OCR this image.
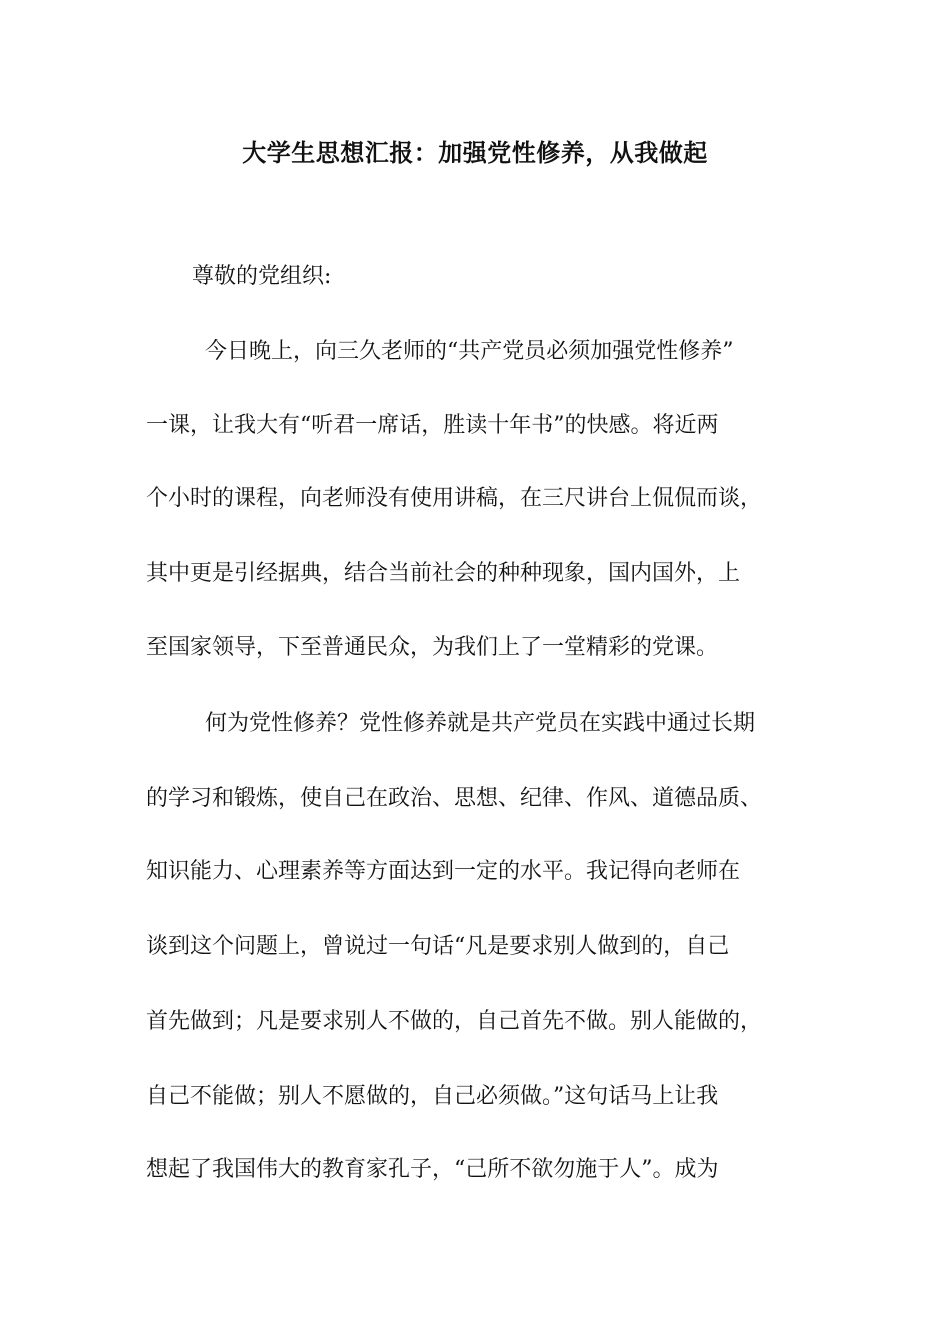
大学生思想汇报：加强党性修养，从我做起
尊敬的党组织:
今日晚上，向三久老师的“共产党员必须加强党性修养”
一课，让我大有“听君一席话，胜读十年书”的快感。将近两
个小时的课程，向老师没有使用讲稿，在三尺讲台上侃侃而谈，
其中更是引经据典，结合当前社会的种种现象，国内国外，上
至国家领导，下至普通民众，为我们上了一堂精彩的党课。
何为党性修养？党性修养就是共产党员在实践中通过长期
的学习和锻炼，使自己在政治、思想、纪律、作风、道德品质、
知识能力、心理素养等方面达到一定的水平。我记得向老师在
谈到这个问题上，曾说过一句话“凡是要求别人做到的，自己
首先做到；凡是要求别人不做的，自己首先不做。别人能做的，
自己不能做；别人不愿做的，自己必须做。”这句话马上让我
想起了我国伟大的教育家孔子，“己所不欲勿施于人”。成为
